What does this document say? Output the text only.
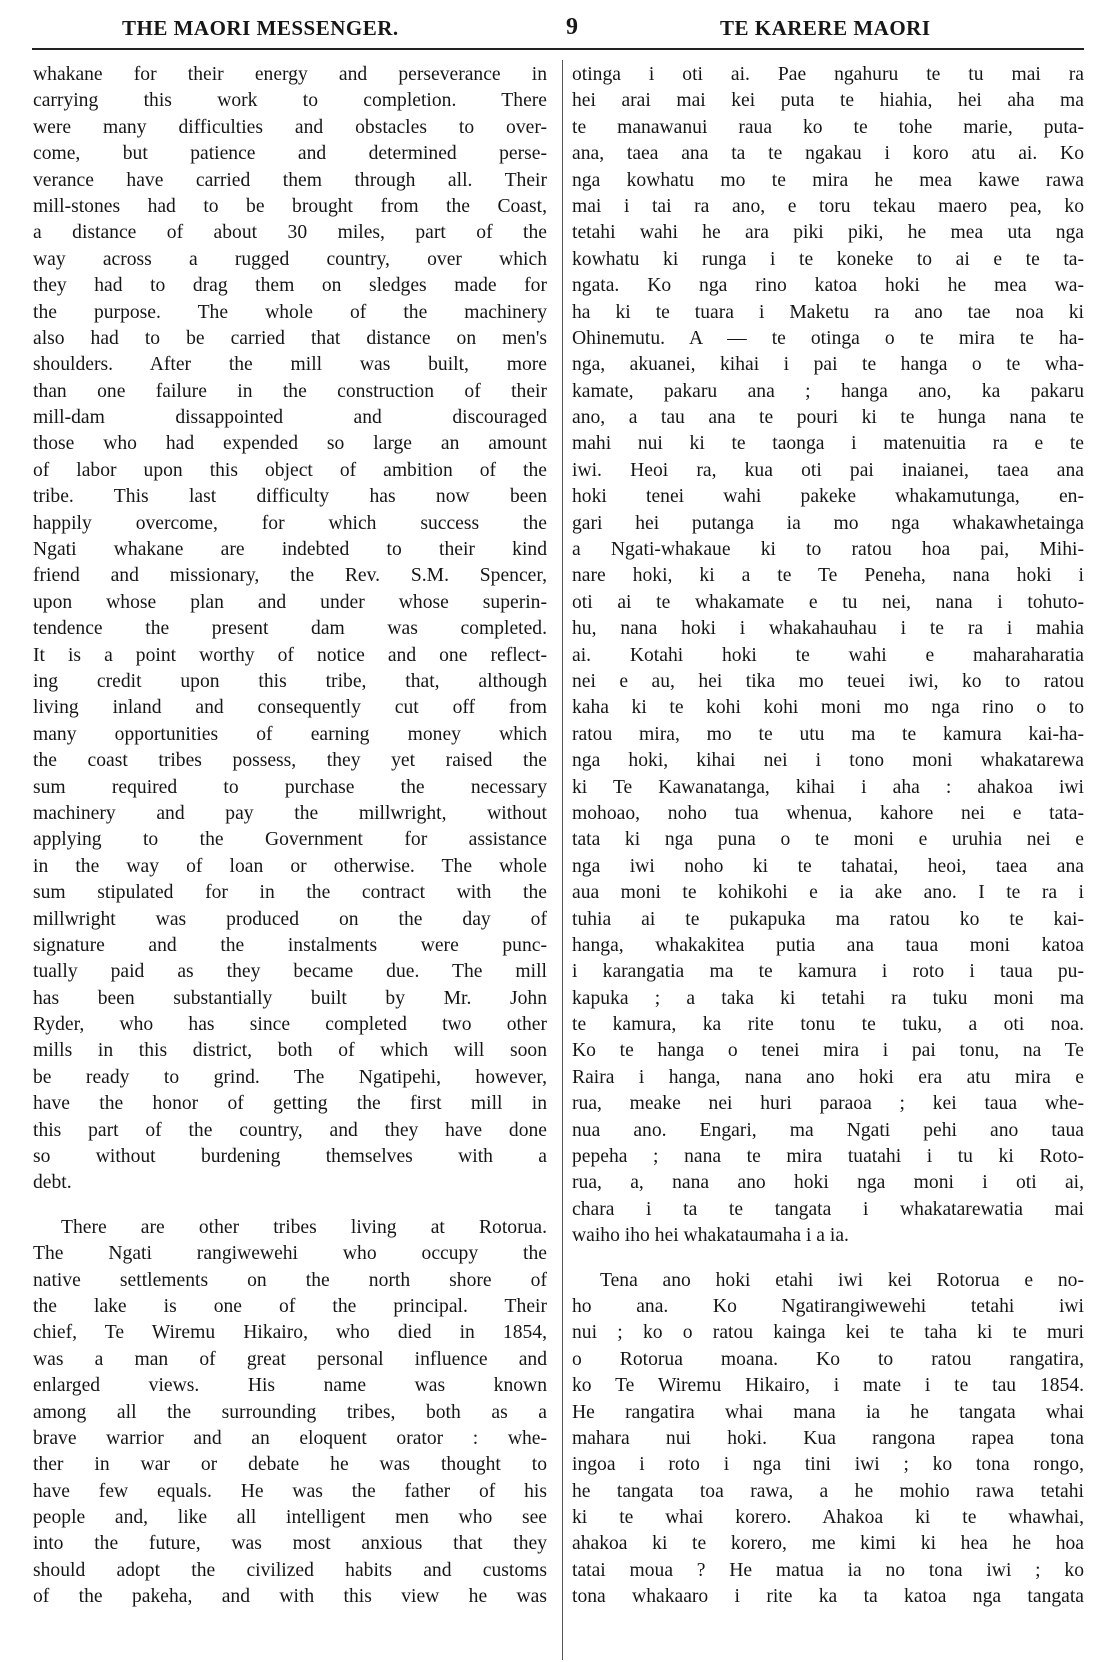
THE MAORI MESSENGER.	9	TE KARERE MAORI
whakane for their energy and perseverance in
carrying this work to completion. There
were many difficulties and obstacles to over-
come, but patience and determined perse-
verance have carried them through all. Their
mill-stones had to be brought from the Coast,
a distance of about 30 miles, part of the
way across a rugged country, over which
they had to drag them on sledges made for
the purpose. The whole of the machinery
also had to be carried that distance on men's
shoulders. After the mill was built, more
than one failure in the construction of their
mill-dam dissappointed and discouraged
those who had expended so large an amount
of labor upon this object of ambition of the
tribe. This last difficulty has now been
happily overcome, for which success the
Ngati whakane are indebted to their kind
friend and missionary, the Rev. S.M. Spencer,
upon whose plan and under whose superin-
tendence the present dam was completed.
It is a point worthy of notice and one reflect-
ing credit upon this tribe, that, although
living inland and consequently cut off from
many opportunities of earning money which
the coast tribes possess, they yet raised the
sum required to purchase the necessary
machinery and pay the millwright, without
applying to the Government for assistance
in the way of loan or otherwise. The whole
sum stipulated for in the contract with the
millwright was produced on the day of
signature and the instalments were punc-
tually paid as they became due. The mill
has been substantially built by Mr. John
Ryder, who has since completed two other
mills in this district, both of which will soon
be ready to grind. The Ngatipehi, however,
have the honor of getting the first mill in
this part of the country, and they have done
so without burdening themselves with a
debt.
There are other tribes living at Rotorua.
The Ngati rangiwewehi who occupy the
native settlements on the north shore of
the lake is one of the principal. Their
chief, Te Wiremu Hikairo, who died in 1854,
was a man of great personal influence and
enlarged views. His name was known
among all the surrounding tribes, both as a
brave warrior and an eloquent orator : whe-
ther in war or debate he was thought to
have few equals. He was the father of his
people and, like all intelligent men who see
into the future, was most anxious that they
should adopt the civilized habits and customs
of the pakeha, and with this view he was
otinga i oti ai. Pae ngahuru te tu mai ra
hei arai mai kei puta te hiahia, hei aha ma
te manawanui raua ko te tohe marie, puta-
ana, taea ana ta te ngakau i koro atu ai. Ko
nga kowhatu mo te mira he mea kawe rawa
mai i tai ra ano, e toru tekau maero pea, ko
tetahi wahi he ara piki piki, he mea uta nga
kowhatu ki runga i te koneke to ai e te ta-
ngata. Ko nga rino katoa hoki he mea wa-
ha ki te tuara i Maketu ra ano tae noa ki
Ohinemutu. A — te otinga o te mira te ha-
nga, akuanei, kihai i pai te hanga o te wha-
kamate, pakaru ana ; hanga ano, ka pakaru
ano, a tau ana te pouri ki te hunga nana te
mahi nui ki te taonga i matenuitia ra e te
iwi. Heoi ra, kua oti pai inaianei, taea ana
hoki tenei wahi pakeke whakamutunga, en-
gari hei putanga ia mo nga whakawhetainga
a Ngati-whakaue ki to ratou hoa pai, Mihi-
nare hoki, ki a te Te Peneha, nana hoki i
oti ai te whakamate e tu nei, nana i tohuto-
hu, nana hoki i whakahauhau i te ra i mahia
ai. Kotahi hoki te wahi e maharaharatia
nei e au, hei tika mo teuei iwi, ko to ratou
kaha ki te kohi kohi moni mo nga rino o to
ratou mira, mo te utu ma te kamura kai-ha-
nga hoki, kihai nei i tono moni whakatarewa
ki Te Kawanatanga, kihai i aha : ahakoa iwi
mohoao, noho tua whenua, kahore nei e tata-
tata ki nga puna o te moni e uruhia nei e
nga iwi noho ki te tahatai, heoi, taea ana
aua moni te kohikohi e ia ake ano. I te ra i
tuhia ai te pukapuka ma ratou ko te kai-
hanga, whakakitea putia ana taua moni katoa
i karangatia ma te kamura i roto i taua pu-
kapuka ; a taka ki tetahi ra tuku moni ma
te kamura, ka rite tonu te tuku, a oti noa.
Ko te hanga o tenei mira i pai tonu, na Te
Raira i hanga, nana ano hoki era atu mira e
rua, meake nei huri paraoa ; kei taua whe-
nua ano. Engari, ma Ngati pehi ano taua
pepeha ; nana te mira tuatahi i tu ki Roto-
rua, a, nana ano hoki nga moni i oti ai,
chara i ta te tangata i whakatarewatia mai
waiho iho hei whakataumaha i a ia.
Tena ano hoki etahi iwi kei Rotorua e no-
ho ana. Ko Ngatirangiwewehi tetahi iwi
nui ; ko o ratou kainga kei te taha ki te muri
o Rotorua moana. Ko to ratou rangatira,
ko Te Wiremu Hikairo, i mate i te tau 1854.
He rangatira whai mana ia he tangata whai
mahara nui hoki. Kua rangona rapea tona
ingoa i roto i nga tini iwi ; ko tona rongo,
he tangata toa rawa, a he mohio rawa tetahi
ki te whai korero. Ahakoa ki te whawhai,
ahakoa ki te korero, me kimi ki hea he hoa
tatai moua ? He matua ia no tona iwi ; ko
tona whakaaro i rite ka ta katoa nga tangata
